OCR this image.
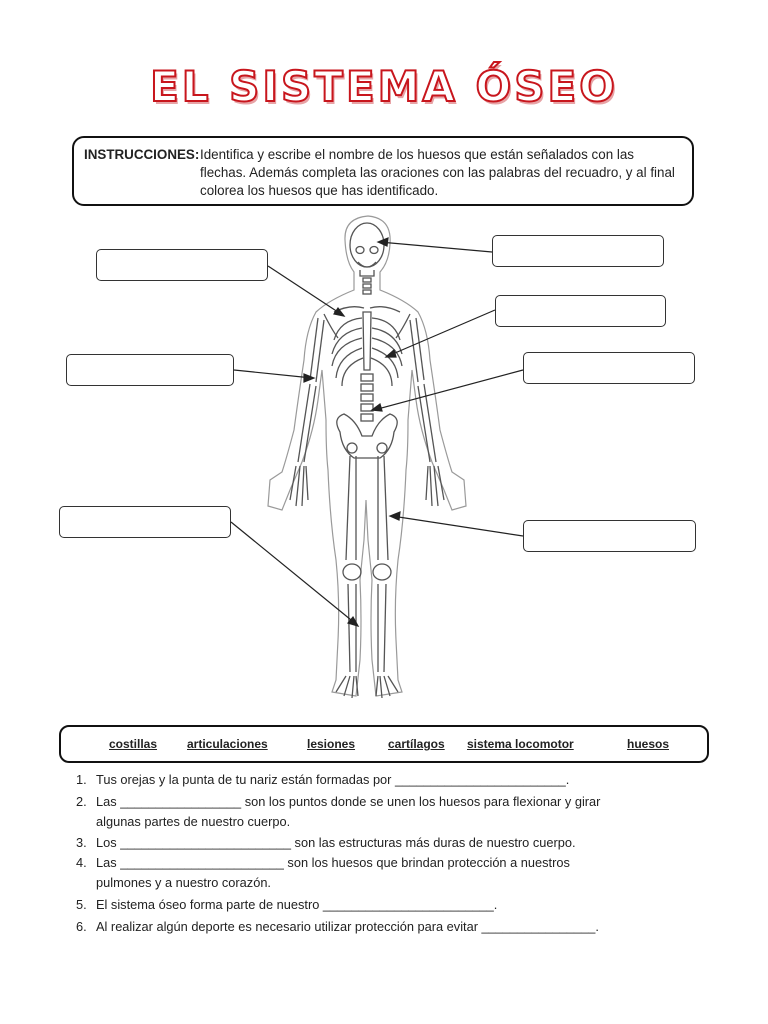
EL SISTEMA ÓSEO
INSTRUCCIONES: Identifica y escribe el nombre de los huesos que están señalados con las flechas. Además completa las oraciones con las palabras del recuadro, y al final colorea los huesos que has identificado.
costillas articulaciones	lesiones	cartílagos sistema locomotor	huesos
1. Tus orejas y la punta de tu nariz están formadas por ________________________.
2. Las _________________ son los puntos donde se unen los huesos para flexionar y girar
algunas partes de nuestro cuerpo.
3. Los ________________________ son las estructuras más duras de nuestro cuerpo.
4. Las _______________________ son los huesos que brindan protección a nuestros
pulmones y a nuestro corazón.
5. El sistema óseo forma parte de nuestro ________________________.
6. Al realizar algún deporte es necesario utilizar protección para evitar ________________.
